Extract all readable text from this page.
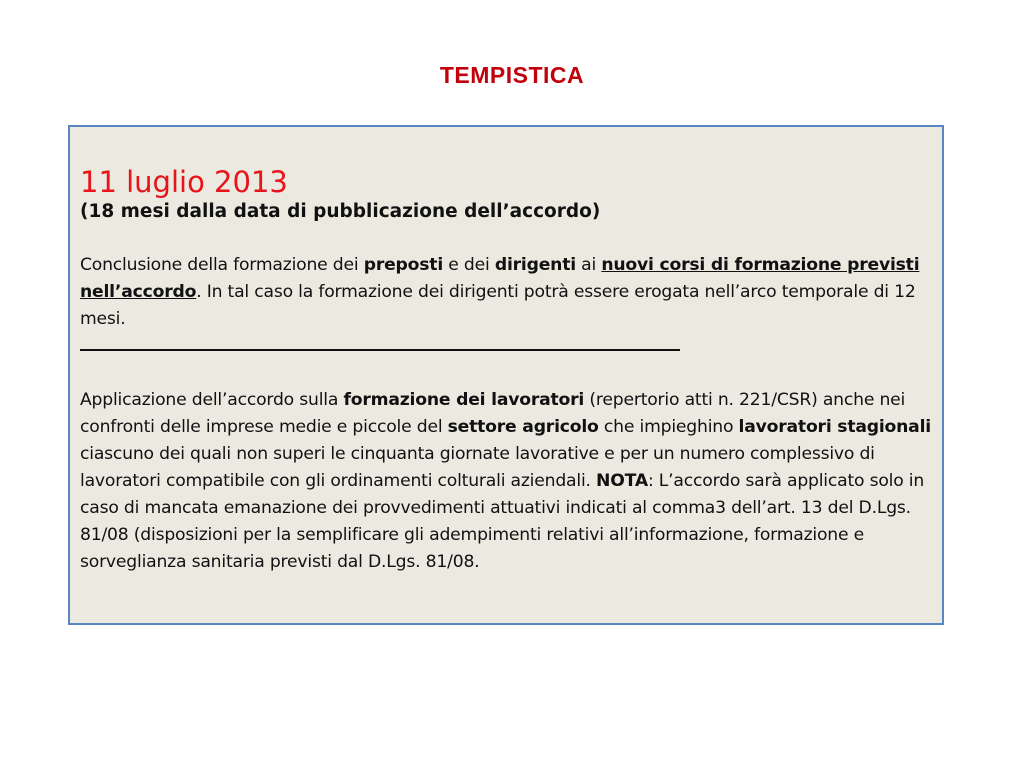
TEMPISTICA
11 luglio 2013

(18 mesi dalla data di pubblicazione dell’accordo)

Conclusione della formazione dei preposti e dei dirigenti ai nuovi corsi di formazione previsti nell’accordo. In tal caso la formazione dei dirigenti potrà essere erogata nell’arco temporale di 12 mesi.

Applicazione dell’accordo sulla formazione dei lavoratori (repertorio atti n. 221/CSR) anche nei confronti delle imprese medie e piccole del settore agricolo che impieghino lavoratori stagionali ciascuno dei quali non superi le cinquanta giornate lavorative e per un numero complessivo di lavoratori compatibile con gli ordinamenti colturali aziendali. NOTA: L’accordo sarà applicato solo in caso di mancata emanazione dei provvedimenti attuativi indicati al comma3 dell’art. 13 del D.Lgs. 81/08 (disposizioni per la semplificare gli adempimenti relativi all’informazione, formazione e sorveglianza sanitaria previsti dal D.Lgs. 81/08.
